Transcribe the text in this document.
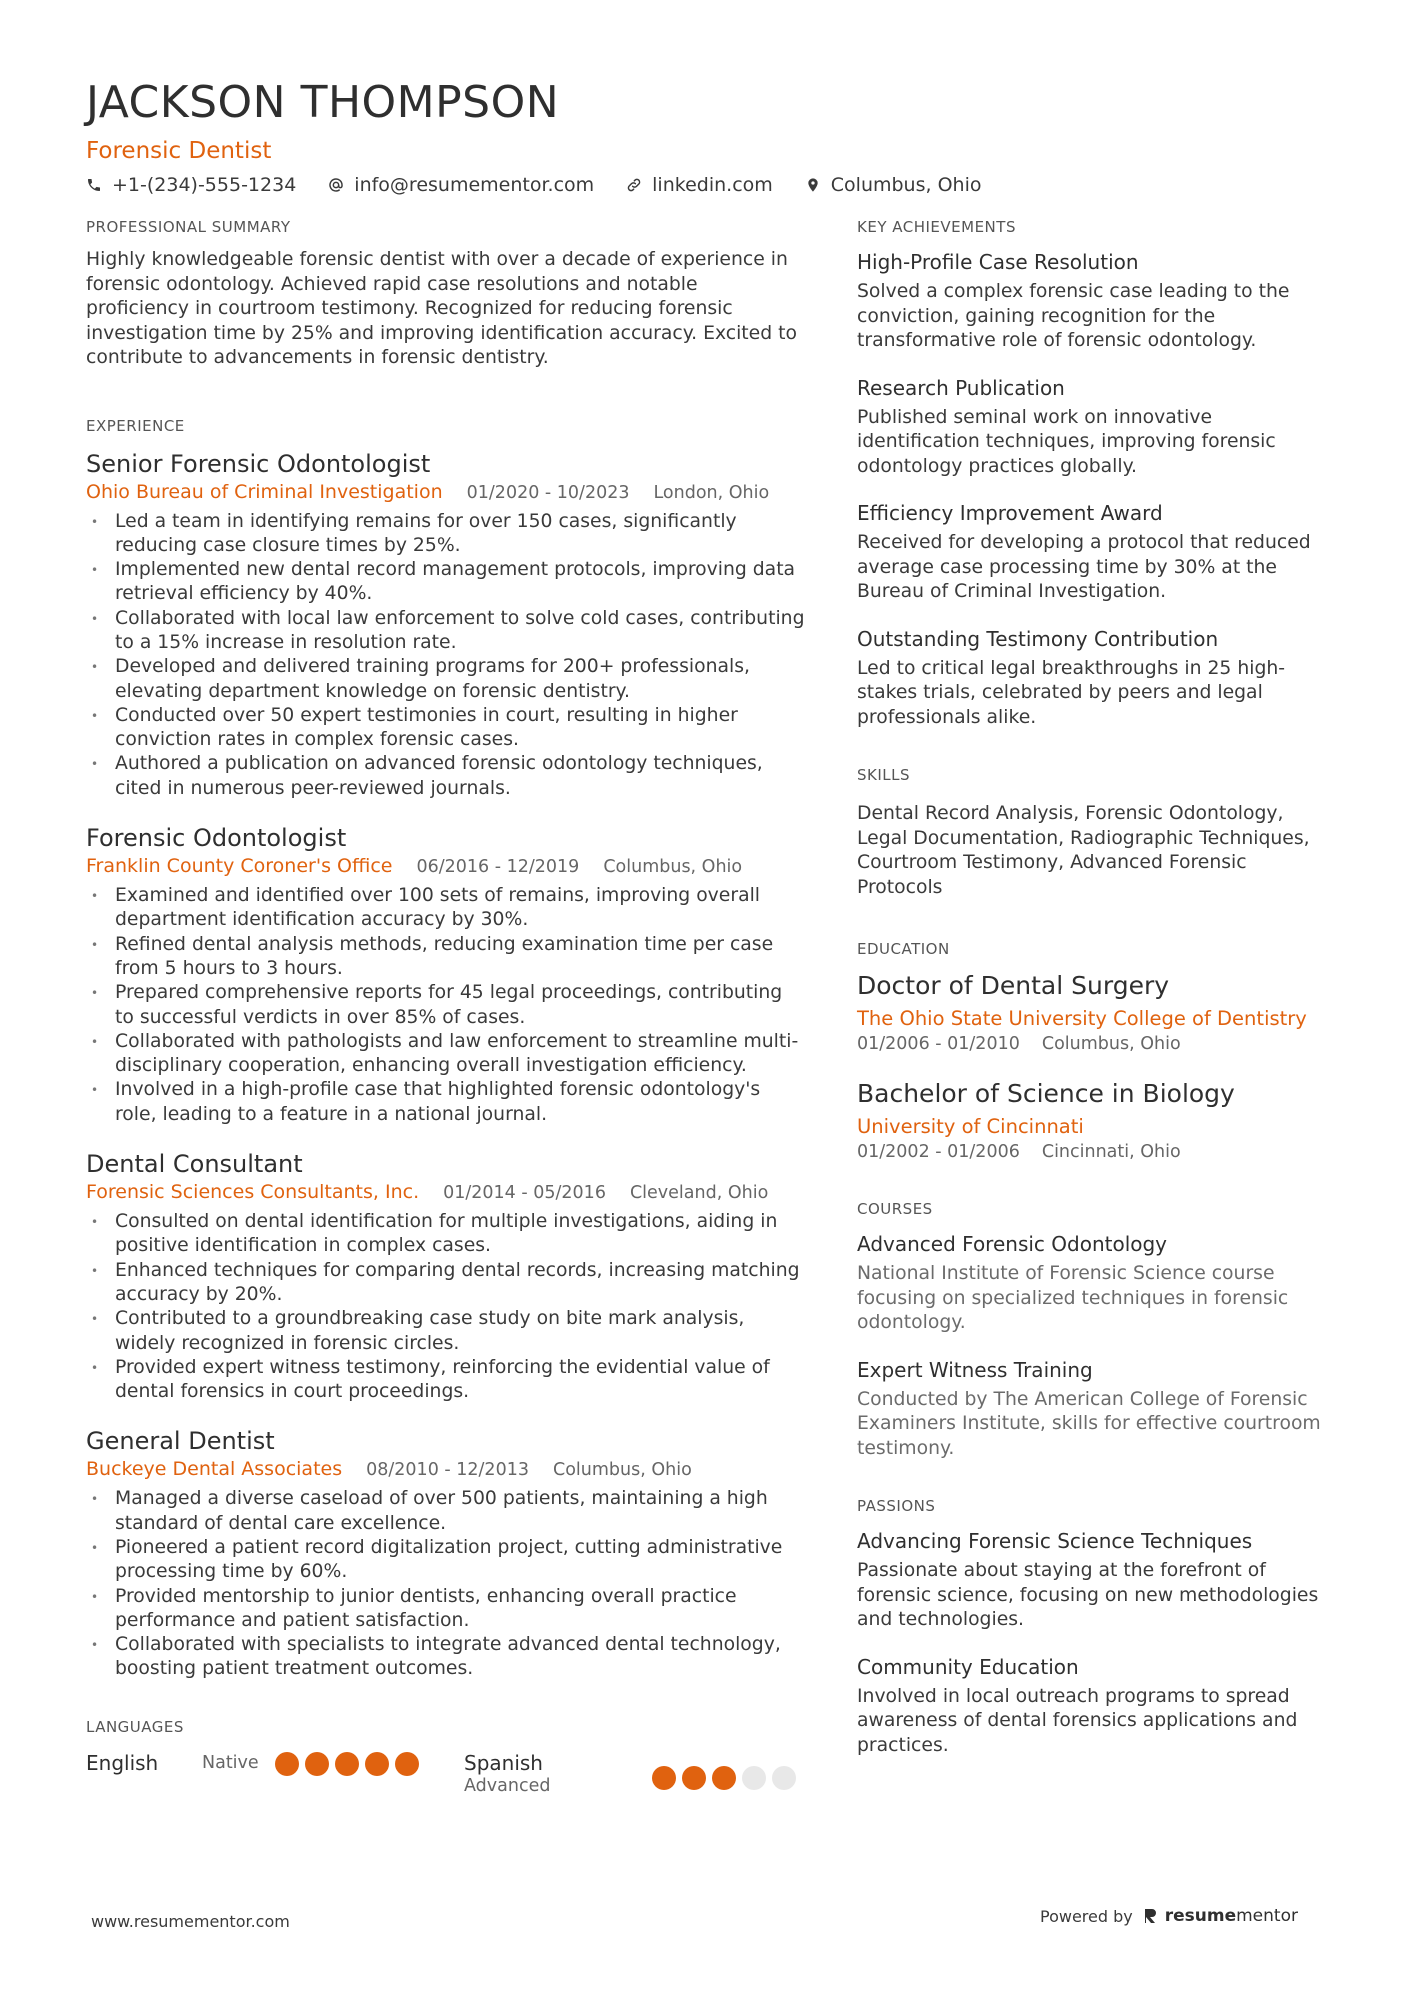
JACKSON THOMPSON
Forensic Dentist
+1-(234)-555-1234	info@resumementor.com	linkedin.com	Columbus, Ohio
PROFESSIONAL SUMMARY
Highly knowledgeable forensic dentist with over a decade of experience in forensic odontology. Achieved rapid case resolutions and notable proficiency in courtroom testimony. Recognized for reducing forensic investigation time by 25% and improving identification accuracy. Excited to contribute to advancements in forensic dentistry.
EXPERIENCE
Senior Forensic Odontologist
Ohio Bureau of Criminal Investigation 01/2020 - 10/2023 London, Ohio
• Led a team in identifying remains for over 150 cases, significantly reducing case closure times by 25%.
• Implemented new dental record management protocols, improving data retrieval efficiency by 40%.
• Collaborated with local law enforcement to solve cold cases, contributing to a 15% increase in resolution rate.
• Developed and delivered training programs for 200+ professionals, elevating department knowledge on forensic dentistry.
• Conducted over 50 expert testimonies in court, resulting in higher conviction rates in complex forensic cases.
• Authored a publication on advanced forensic odontology techniques, cited in numerous peer-reviewed journals.
Forensic Odontologist
Franklin County Coroner's Office 06/2016 - 12/2019 Columbus, Ohio
• Examined and identified over 100 sets of remains, improving overall department identification accuracy by 30%.
• Refined dental analysis methods, reducing examination time per case from 5 hours to 3 hours.
• Prepared comprehensive reports for 45 legal proceedings, contributing to successful verdicts in over 85% of cases.
• Collaborated with pathologists and law enforcement to streamline multi-disciplinary cooperation, enhancing overall investigation efficiency.
• Involved in a high-profile case that highlighted forensic odontology's role, leading to a feature in a national journal.
Dental Consultant
Forensic Sciences Consultants, Inc. 01/2014 - 05/2016 Cleveland, Ohio
• Consulted on dental identification for multiple investigations, aiding in positive identification in complex cases.
• Enhanced techniques for comparing dental records, increasing matching accuracy by 20%.
• Contributed to a groundbreaking case study on bite mark analysis, widely recognized in forensic circles.
• Provided expert witness testimony, reinforcing the evidential value of dental forensics in court proceedings.
General Dentist
Buckeye Dental Associates 08/2010 - 12/2013 Columbus, Ohio
• Managed a diverse caseload of over 500 patients, maintaining a high standard of dental care excellence.
• Pioneered a patient record digitalization project, cutting administrative processing time by 60%.
• Provided mentorship to junior dentists, enhancing overall practice performance and patient satisfaction.
• Collaborated with specialists to integrate advanced dental technology, boosting patient treatment outcomes.
LANGUAGES
English	Native	Spanish
Advanced
KEY ACHIEVEMENTS
High-Profile Case Resolution
Solved a complex forensic case leading to the conviction, gaining recognition for the transformative role of forensic odontology.
Research Publication
Published seminal work on innovative identification techniques, improving forensic odontology practices globally.
Efficiency Improvement Award
Received for developing a protocol that reduced average case processing time by 30% at the Bureau of Criminal Investigation.
Outstanding Testimony Contribution
Led to critical legal breakthroughs in 25 high-stakes trials, celebrated by peers and legal professionals alike.
SKILLS
Dental Record Analysis, Forensic Odontology, Legal Documentation, Radiographic Techniques, Courtroom Testimony, Advanced Forensic Protocols
EDUCATION
Doctor of Dental Surgery
The Ohio State University College of Dentistry
01/2006 - 01/2010 Columbus, Ohio
Bachelor of Science in Biology
University of Cincinnati
01/2002 - 01/2006 Cincinnati, Ohio
COURSES
Advanced Forensic Odontology
National Institute of Forensic Science course focusing on specialized techniques in forensic odontology.
Expert Witness Training
Conducted by The American College of Forensic Examiners Institute, skills for effective courtroom testimony.
PASSIONS
Advancing Forensic Science Techniques
Passionate about staying at the forefront of forensic science, focusing on new methodologies and technologies.
Community Education
Involved in local outreach programs to spread awareness of dental forensics applications and practices.
www.resumementor.com	Powered by resumementor
